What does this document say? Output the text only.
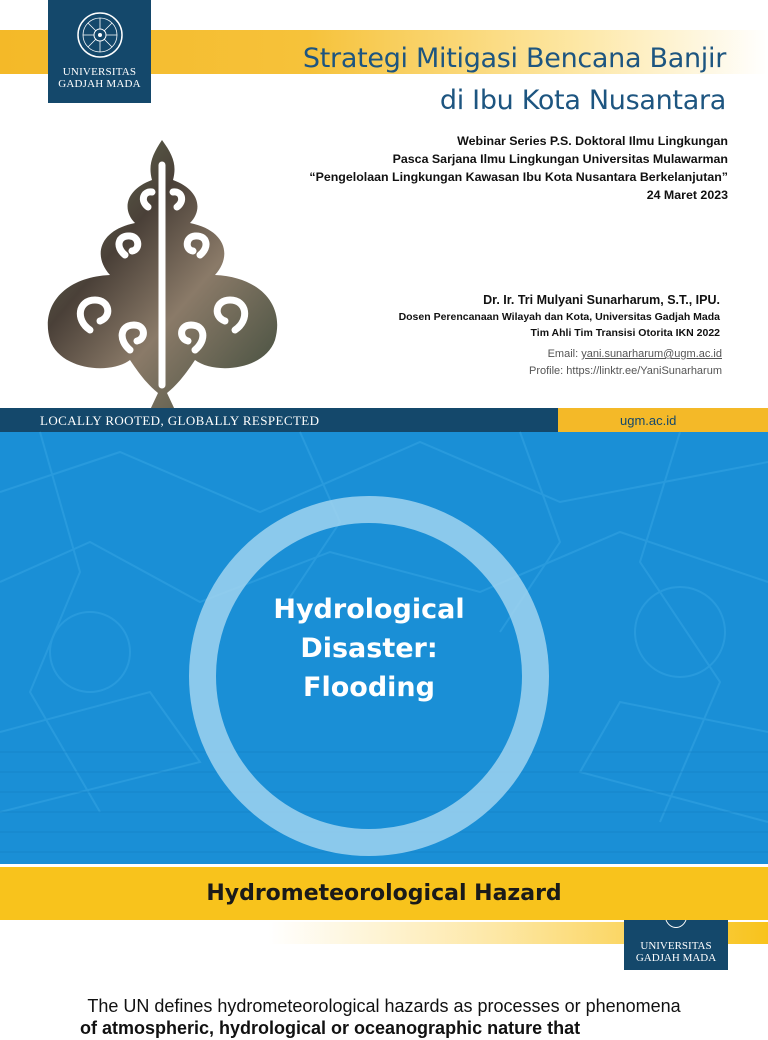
UNIVERSITAS
GADJAH MADA
Strategi Mitigasi Bencana Banjir
di Ibu Kota Nusantara
Webinar Series P.S. Doktoral Ilmu Lingkungan
Pasca Sarjana Ilmu Lingkungan Universitas Mulawarman
“Pengelolaan Lingkungan Kawasan Ibu Kota Nusantara Berkelanjutan”
24 Maret 2023
Dr. Ir. Tri Mulyani Sunarharum, S.T., IPU.
Dosen Perencanaan Wilayah dan Kota, Universitas Gadjah Mada
Tim Ahli Tim Transisi Otorita IKN 2022
Email: yani.sunarharum@ugm.ac.id
Profile: https://linktr.ee/YaniSunarharum
LOCALLY ROOTED, GLOBALLY RESPECTED	ugm.ac.id
Hydrological
Disaster:
Flooding
Hydrometeorological Hazard
UNIVERSITAS
GADJAH MADA
The UN defines hydrometeorological hazards as processes or phenomena
of atmospheric, hydrological or oceanographic nature that
